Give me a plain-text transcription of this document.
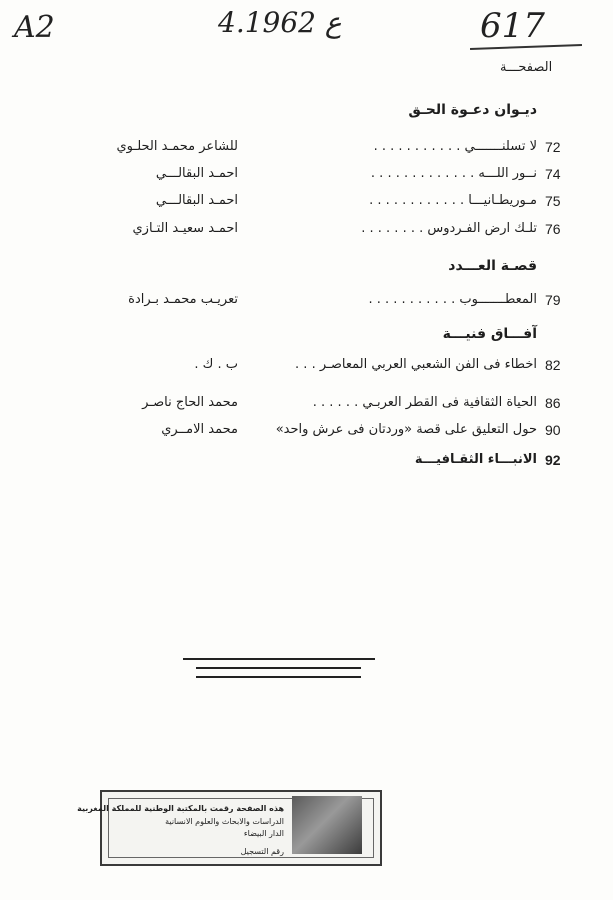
A2	4.ع 1962	617
الصفحـــة
ديـوان دعـوة الحـق
72
لا تسلنـــــــي . . . . . . . . . . .
للشاعر محمـد الحلـوي
74
نــور اللـــه . . . . . . . . . . . . .
احمـد البقالـــي
75
مـوريطـانيـــا . . . . . . . . . . . .
احمـد البقالـــي
76
تلـك ارض الفـردوس . . . . . . . .
احمـد سعيـد التـازي
قصـة العـــدد
79
المعطـــــــوب . . . . . . . . . . .
تعريـب محمـد بـرادة
آفـــاق فنيـــة
82
اخطاء فى الفن الشعبي العربي المعاصـر . . .
ب . ك .
86
الحياة الثقافية فى القطر العربـي . . . . . .
محمد الحاج ناصـر
90
حول التعليق على قصة «وردتان فى عرش واحد»
محمد الامــري
92
الانبـــاء الثقـافيـــة
هذه الصفحة رقمت بالمكتبة الوطنية للمملكة المغربية
الدراسات والابحاث والعلوم الانسانية
الدار البيضاء
رقم التسجيل
